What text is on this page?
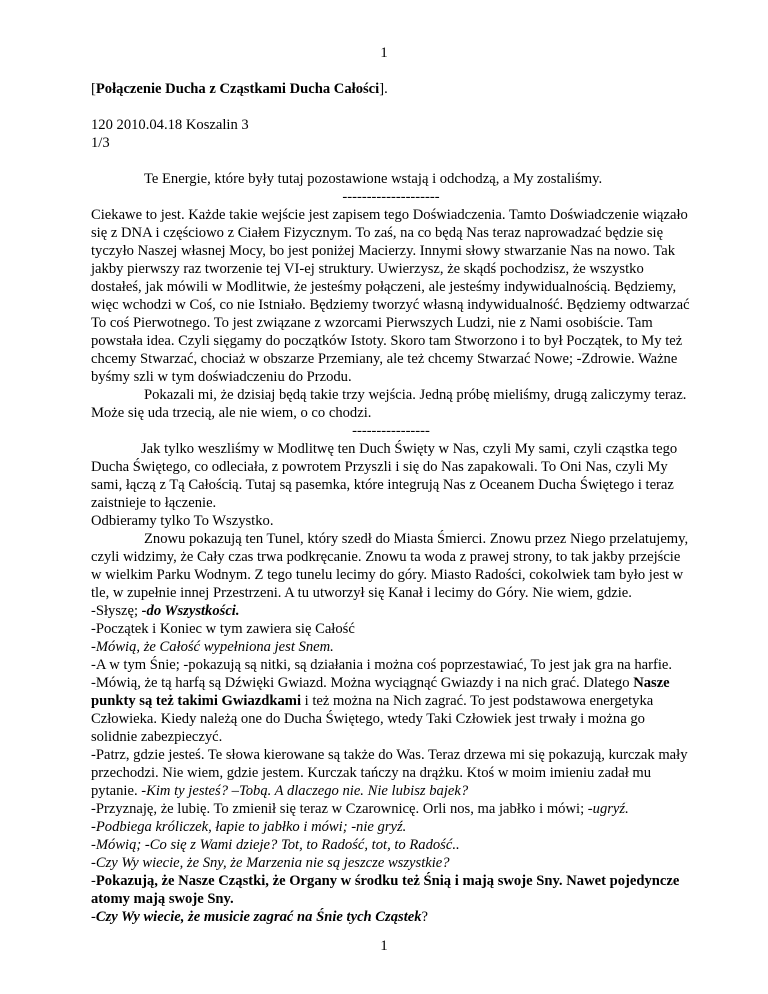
1

[Połączenie Ducha z Cząstkami Ducha Całości].

120 2010.04.18 Koszalin 3

1/3

Te Energie, które były tutaj pozostawione wstają i odchodzą, a My zostaliśmy.

--------------------

Ciekawe to jest. Każde takie wejście jest zapisem tego Doświadczenia. Tamto Doświadczenie wiązało się z DNA i częściowo z Ciałem Fizycznym. To zaś, na co będą Nas teraz naprowadzać będzie się tyczyło Naszej własnej Mocy, bo jest poniżej Macierzy. Innymi słowy stwarzanie Nas na nowo. Tak jakby pierwszy raz tworzenie tej VI-ej struktury. Uwierzysz, że skądś pochodzisz, że wszystko dostałeś, jak mówili w Modlitwie, że jesteśmy połączeni, ale jesteśmy indywidualnością. Będziemy, więc wchodzi w Coś, co nie Istniało. Będziemy tworzyć własną indywidualność. Będziemy odtwarzać To coś Pierwotnego. To jest związane z wzorcami Pierwszych Ludzi, nie z Nami osobiście. Tam powstała idea. Czyli sięgamy do początków Istoty. Skoro tam Stworzono i to był Początek, to My też chcemy Stwarzać, chociaż w obszarze Przemiany, ale też chcemy Stwarzać Nowe; -Zdrowie. Ważne byśmy szli w tym doświadczeniu do Przodu.

Pokazali mi, że dzisiaj będą takie trzy wejścia. Jedną próbę mieliśmy, drugą zaliczymy teraz. Może się uda trzecią, ale nie wiem, o co chodzi.

----------------

Jak tylko weszliśmy w Modlitwę ten Duch Święty w Nas, czyli My sami, czyli cząstka tego Ducha Świętego, co odleciała, z powrotem Przyszli i się do Nas zapakowali. To Oni Nas, czyli My sami, łączą z Tą Całością. Tutaj są pasemka, które integrują Nas z Oceanem Ducha Świętego i teraz zaistnieje to łączenie.

Odbieramy tylko To Wszystko.

Znowu pokazują ten Tunel, który szedł do Miasta Śmierci. Znowu przez Niego przelatujemy, czyli widzimy, że Cały czas trwa podkręcanie. Znowu ta woda z prawej strony, to tak jakby przejście w wielkim Parku Wodnym. Z tego tunelu lecimy do góry. Miasto Radości, cokolwiek tam było jest w tle, w zupełnie innej Przestrzeni. A tu utworzył się Kanał i lecimy do Góry. Nie wiem, gdzie.

-Słyszę; -do Wszystkości.

-Początek i Koniec w tym zawiera się Całość

-Mówią, że Całość wypełniona jest Snem.

-A w tym Śnie; -pokazują są nitki, są działania i można coś poprzestawiać, To jest jak gra na harfie.

-Mówią, że tą harfą są Dźwięki Gwiazd. Można wyciągnąć Gwiazdy i na nich grać. Dlatego Nasze punkty są też takimi Gwiazdkami i też można na Nich zagrać. To jest podstawowa energetyka Człowieka. Kiedy należą one do Ducha Świętego, wtedy Taki Człowiek jest trwały i można go solidnie zabezpieczyć.

-Patrz, gdzie jesteś. Te słowa kierowane są także do Was. Teraz drzewa mi się pokazują, kurczak mały przechodzi. Nie wiem, gdzie jestem. Kurczak tańczy na drążku. Ktoś w moim imieniu zadał mu pytanie. -Kim ty jesteś? –Tobą. A dlaczego nie. Nie lubisz bajek?

-Przyznaję, że lubię. To zmienił się teraz w Czarownicę. Orli nos, ma jabłko i mówi; -ugryź.

-Podbiega króliczek, łapie to jabłko i mówi; -nie gryź.

-Mówią; -Co się z Wami dzieje? Tot, to Radość, tot, to Radość..

-Czy Wy wiecie, że Sny, że Marzenia nie są jeszcze wszystkie?

-Pokazują, że Nasze Cząstki, że Organy w środku też Śnią i mają swoje Sny. Nawet pojedyncze atomy mają swoje Sny.

-Czy Wy wiecie, że musicie zagrać na Śnie tych Cząstek?

1
